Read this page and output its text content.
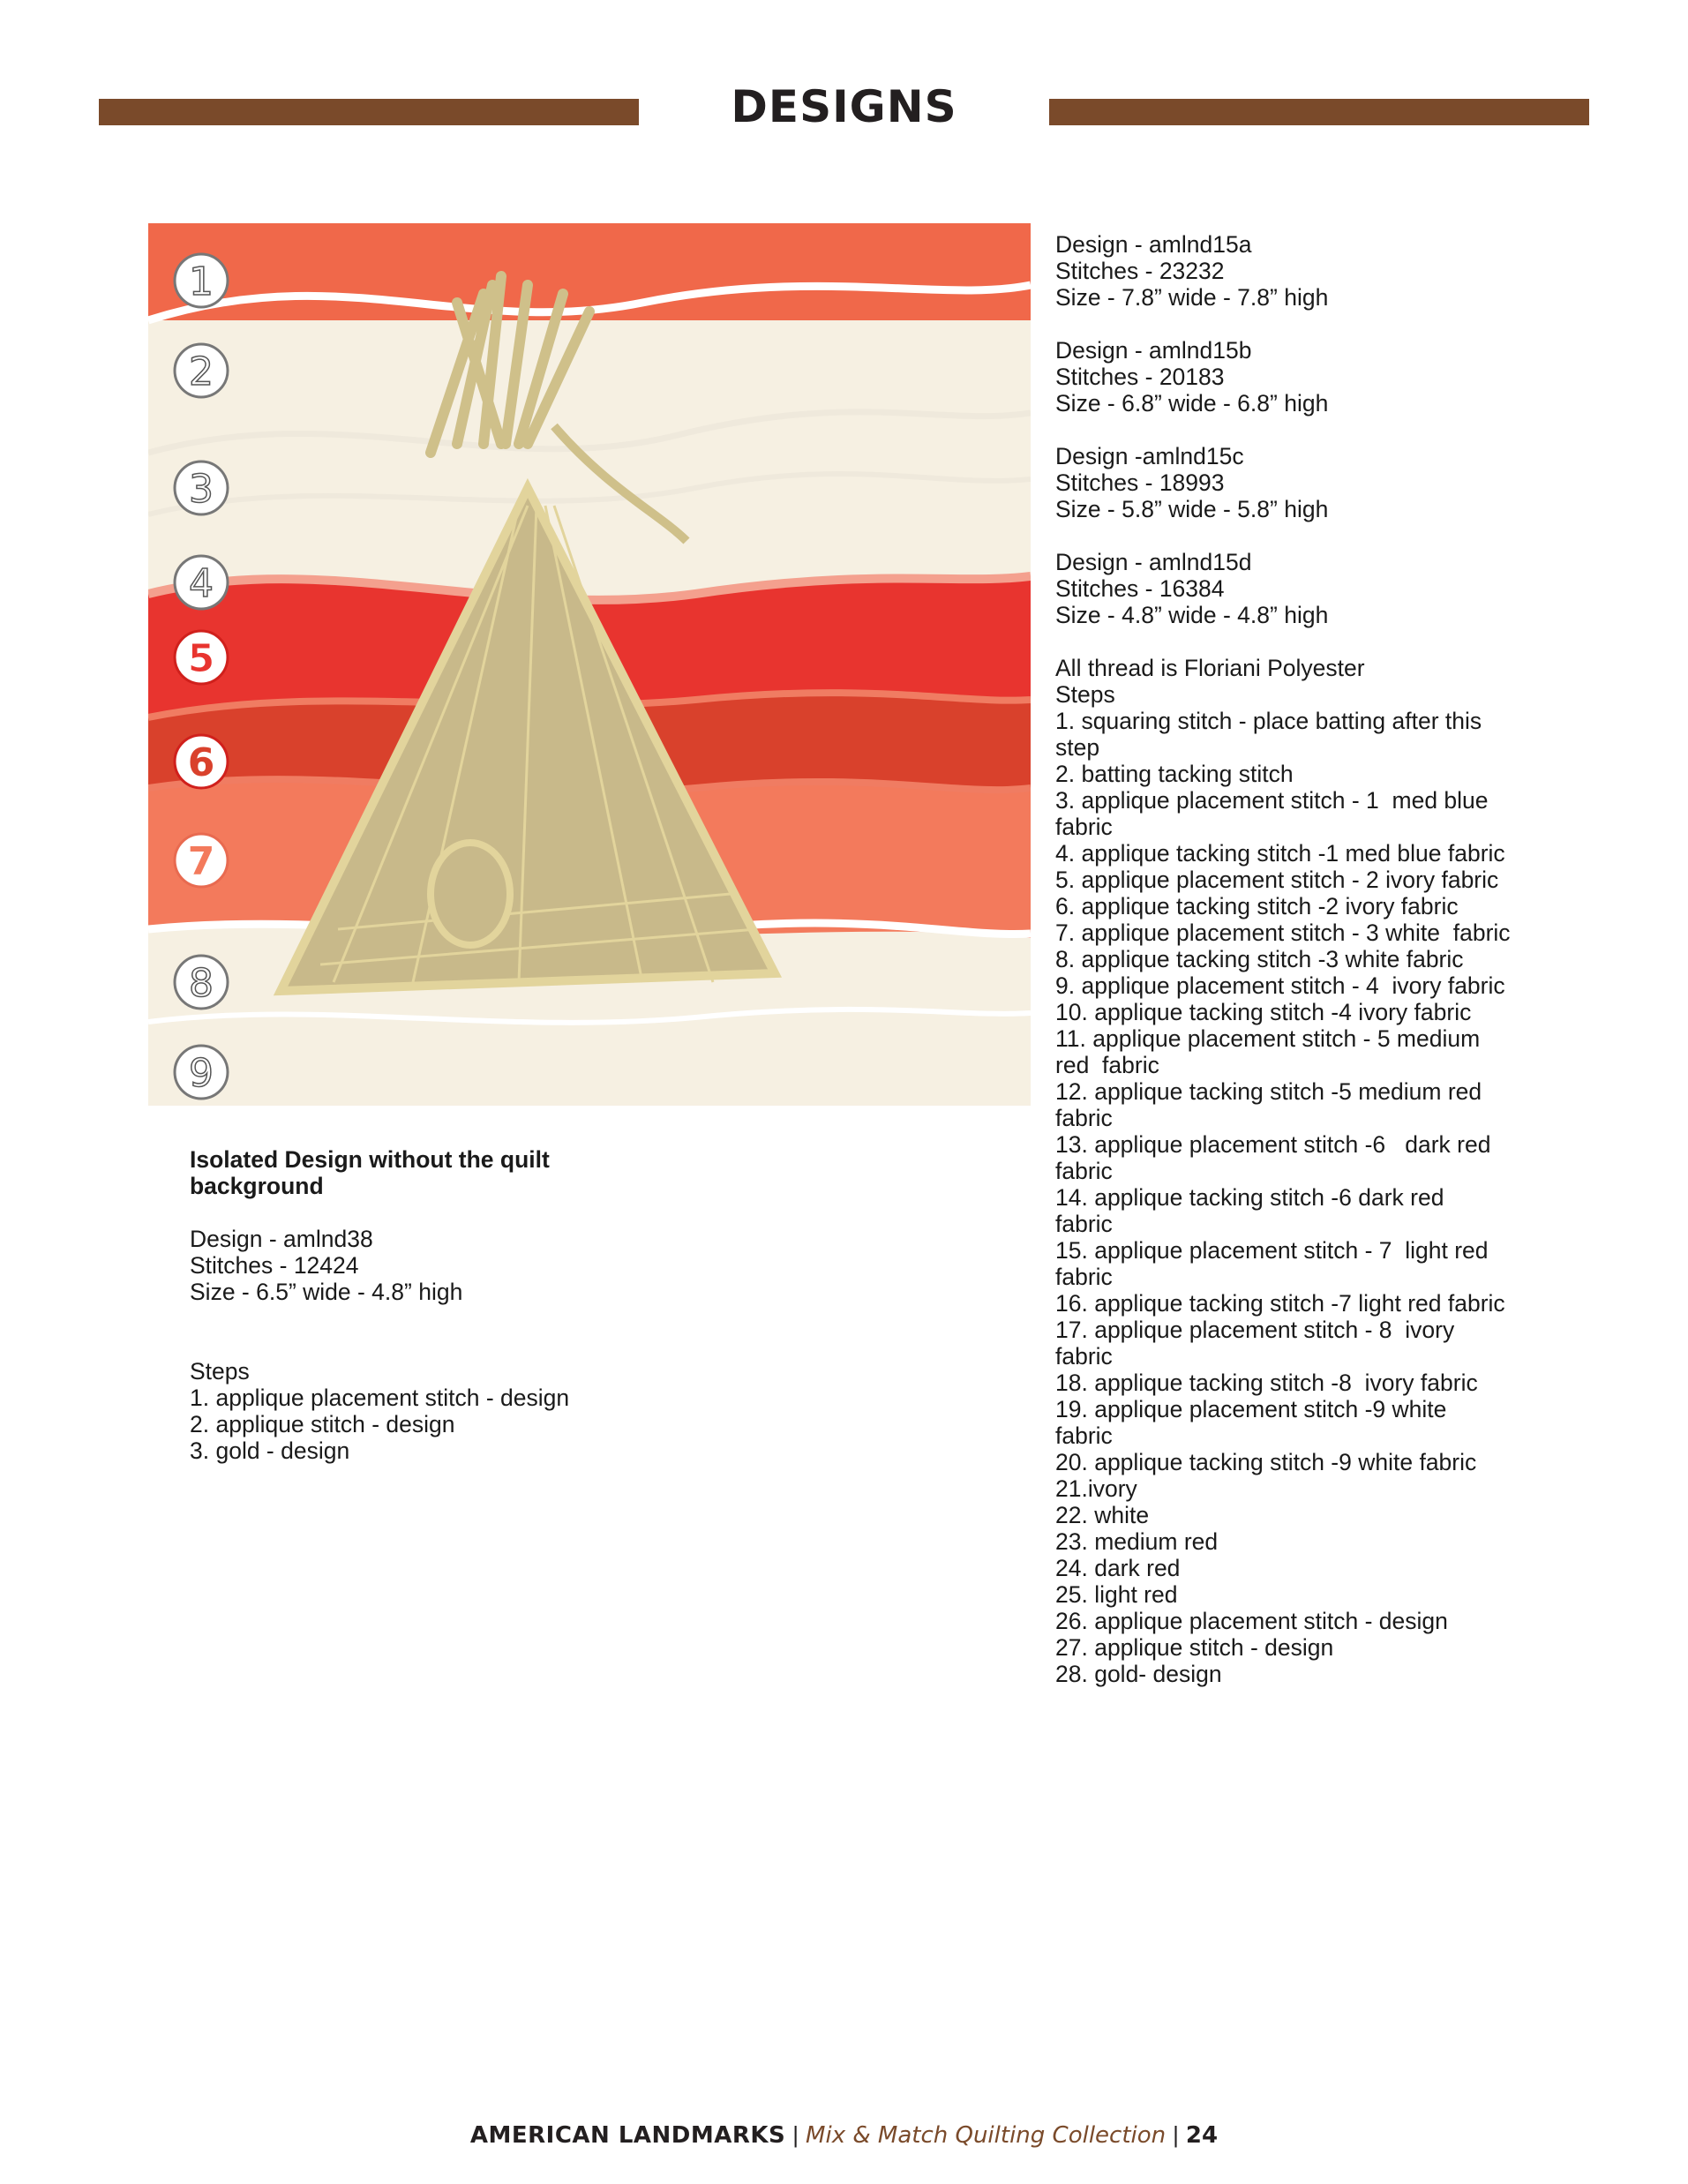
DESIGNS
1
2
3
4
5
6
7
8
9
Design - amlnd15a
Stitches - 23232
Size - 7.8” wide - 7.8” high
Design - amlnd15b
Stitches - 20183
Size - 6.8” wide - 6.8” high
Design -amlnd15c
Stitches - 18993
Size - 5.8” wide - 5.8” high
Design - amlnd15d
Stitches - 16384
Size - 4.8” wide - 4.8” high
All thread is Floriani Polyester
Steps
1. squaring stitch - place batting after this
step
2. batting tacking stitch
3. applique placement stitch - 1  med blue
fabric
4. applique tacking stitch -1 med blue fabric
5. applique placement stitch - 2 ivory fabric
6. applique tacking stitch -2 ivory fabric
7. applique placement stitch - 3 white  fabric
8. applique tacking stitch -3 white fabric
9. applique placement stitch - 4  ivory fabric
10. applique tacking stitch -4 ivory fabric
11. applique placement stitch - 5 medium
red  fabric
12. applique tacking stitch -5 medium red
fabric
13. applique placement stitch -6   dark red
fabric
14. applique tacking stitch -6 dark red
fabric
15. applique placement stitch - 7  light red
fabric
16. applique tacking stitch -7 light red fabric
17. applique placement stitch - 8  ivory
fabric
18. applique tacking stitch -8  ivory fabric
19. applique placement stitch -9 white
fabric
20. applique tacking stitch -9 white fabric
21.ivory
22. white
23. medium red
24. dark red
25. light red
26. applique placement stitch - design
27. applique stitch - design
28. gold- design
Isolated Design without the quilt
background
Design - amlnd38
Stitches - 12424
Size - 6.5” wide - 4.8” high
Steps
1. applique placement stitch - design
2. applique stitch - design
3. gold - design
AMERICAN LANDMARKS | Mix & Match Quilting Collection | 24
